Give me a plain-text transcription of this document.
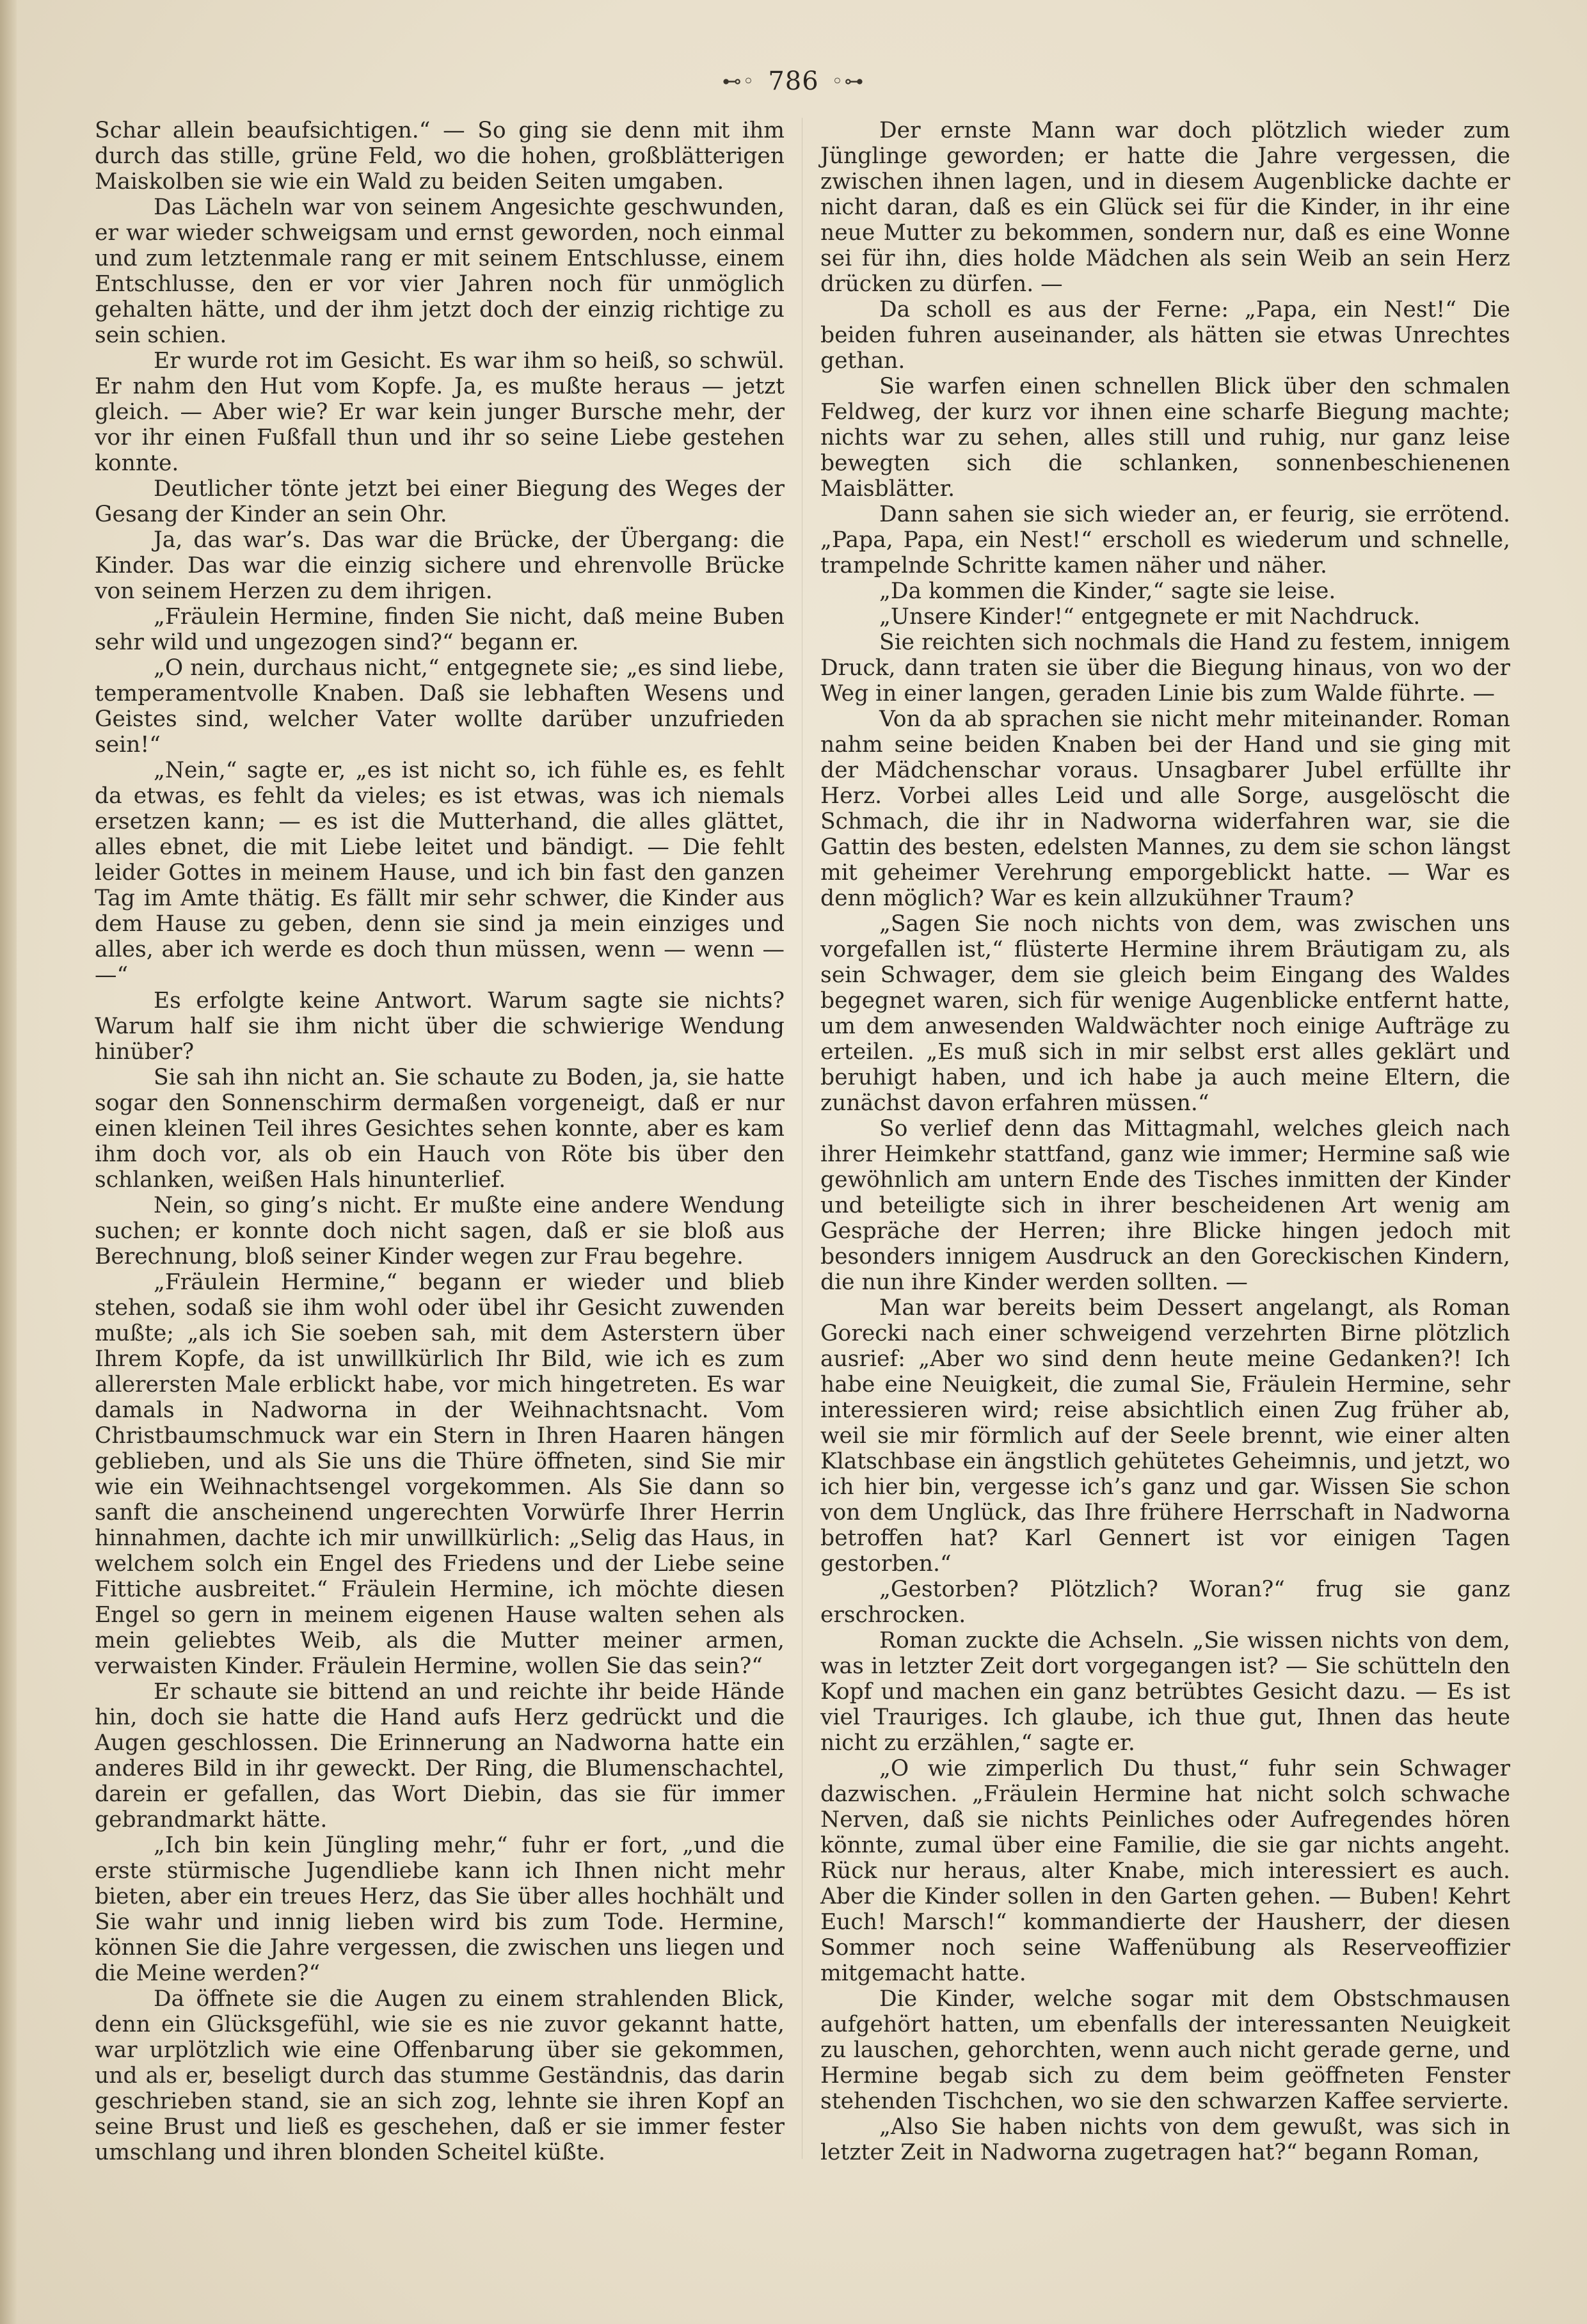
⊷◦ 786 ◦⊶

Schar allein beaufsichtigen.“ — So ging sie denn mit ihm durch das stille, grüne Feld, wo die hohen, großblätterigen Maiskolben sie wie ein Wald zu beiden Seiten umgaben.

Das Lächeln war von seinem Angesichte geschwunden, er war wieder schweigsam und ernst geworden, noch einmal und zum letztenmale rang er mit seinem Entschlusse, einem Entschlusse, den er vor vier Jahren noch für unmöglich gehalten hätte, und der ihm jetzt doch der einzig richtige zu sein schien.

Er wurde rot im Gesicht. Es war ihm so heiß, so schwül. Er nahm den Hut vom Kopfe. Ja, es mußte heraus — jetzt gleich. — Aber wie? Er war kein junger Bursche mehr, der vor ihr einen Fußfall thun und ihr so seine Liebe gestehen konnte.

Deutlicher tönte jetzt bei einer Biegung des Weges der Gesang der Kinder an sein Ohr.

Ja, das war’s. Das war die Brücke, der Übergang: die Kinder. Das war die einzig sichere und ehrenvolle Brücke von seinem Herzen zu dem ihrigen.

„Fräulein Hermine, finden Sie nicht, daß meine Buben sehr wild und ungezogen sind?“ begann er.

„O nein, durchaus nicht,“ entgegnete sie; „es sind liebe, temperamentvolle Knaben. Daß sie lebhaften Wesens und Geistes sind, welcher Vater wollte darüber unzufrieden sein!“

„Nein,“ sagte er, „es ist nicht so, ich fühle es, es fehlt da etwas, es fehlt da vieles; es ist etwas, was ich niemals ersetzen kann; — es ist die Mutterhand, die alles glättet, alles ebnet, die mit Liebe leitet und bändigt. — Die fehlt leider Gottes in meinem Hause, und ich bin fast den ganzen Tag im Amte thätig. Es fällt mir sehr schwer, die Kinder aus dem Hause zu geben, denn sie sind ja mein einziges und alles, aber ich werde es doch thun müssen, wenn — wenn — —“

Es erfolgte keine Antwort. Warum sagte sie nichts? Warum half sie ihm nicht über die schwierige Wendung hinüber?

Sie sah ihn nicht an. Sie schaute zu Boden, ja, sie hatte sogar den Sonnenschirm dermaßen vorgeneigt, daß er nur einen kleinen Teil ihres Gesichtes sehen konnte, aber es kam ihm doch vor, als ob ein Hauch von Röte bis über den schlanken, weißen Hals hinunterlief.

Nein, so ging’s nicht. Er mußte eine andere Wendung suchen; er konnte doch nicht sagen, daß er sie bloß aus Berechnung, bloß seiner Kinder wegen zur Frau begehre.

„Fräulein Hermine,“ begann er wieder und blieb stehen, sodaß sie ihm wohl oder übel ihr Gesicht zuwenden mußte; „als ich Sie soeben sah, mit dem Asterstern über Ihrem Kopfe, da ist unwillkürlich Ihr Bild, wie ich es zum allerersten Male erblickt habe, vor mich hingetreten. Es war damals in Nadworna in der Weihnachtsnacht. Vom Christbaumschmuck war ein Stern in Ihren Haaren hängen geblieben, und als Sie uns die Thüre öffneten, sind Sie mir wie ein Weihnachtsengel vorgekommen. Als Sie dann so sanft die anscheinend ungerechten Vorwürfe Ihrer Herrin hinnahmen, dachte ich mir unwillkürlich: „Selig das Haus, in welchem solch ein Engel des Friedens und der Liebe seine Fittiche ausbreitet.“ Fräulein Hermine, ich möchte diesen Engel so gern in meinem eigenen Hause walten sehen als mein geliebtes Weib, als die Mutter meiner armen, verwaisten Kinder. Fräulein Hermine, wollen Sie das sein?“

Er schaute sie bittend an und reichte ihr beide Hände hin, doch sie hatte die Hand aufs Herz gedrückt und die Augen geschlossen. Die Erinnerung an Nadworna hatte ein anderes Bild in ihr geweckt. Der Ring, die Blumenschachtel, darein er gefallen, das Wort Diebin, das sie für immer gebrandmarkt hätte.

„Ich bin kein Jüngling mehr,“ fuhr er fort, „und die erste stürmische Jugendliebe kann ich Ihnen nicht mehr bieten, aber ein treues Herz, das Sie über alles hochhält und Sie wahr und innig lieben wird bis zum Tode. Hermine, können Sie die Jahre vergessen, die zwischen uns liegen und die Meine werden?“

Da öffnete sie die Augen zu einem strahlenden Blick, denn ein Glücksgefühl, wie sie es nie zuvor gekannt hatte, war urplötzlich wie eine Offenbarung über sie gekommen, und als er, beseligt durch das stumme Geständnis, das darin geschrieben stand, sie an sich zog, lehnte sie ihren Kopf an seine Brust und ließ es geschehen, daß er sie immer fester umschlang und ihren blonden Scheitel küßte.

Der ernste Mann war doch plötzlich wieder zum Jünglinge geworden; er hatte die Jahre vergessen, die zwischen ihnen lagen, und in diesem Augenblicke dachte er nicht daran, daß es ein Glück sei für die Kinder, in ihr eine neue Mutter zu bekommen, sondern nur, daß es eine Wonne sei für ihn, dies holde Mädchen als sein Weib an sein Herz drücken zu dürfen. —

Da scholl es aus der Ferne: „Papa, ein Nest!“ Die beiden fuhren auseinander, als hätten sie etwas Unrechtes gethan.

Sie warfen einen schnellen Blick über den schmalen Feldweg, der kurz vor ihnen eine scharfe Biegung machte; nichts war zu sehen, alles still und ruhig, nur ganz leise bewegten sich die schlanken, sonnenbeschienenen Maisblätter.

Dann sahen sie sich wieder an, er feurig, sie errötend. „Papa, Papa, ein Nest!“ erscholl es wiederum und schnelle, trampelnde Schritte kamen näher und näher.

„Da kommen die Kinder,“ sagte sie leise.

„Unsere Kinder!“ entgegnete er mit Nachdruck.

Sie reichten sich nochmals die Hand zu festem, innigem Druck, dann traten sie über die Biegung hinaus, von wo der Weg in einer langen, geraden Linie bis zum Walde führte. —

Von da ab sprachen sie nicht mehr miteinander. Roman nahm seine beiden Knaben bei der Hand und sie ging mit der Mädchenschar voraus. Unsagbarer Jubel erfüllte ihr Herz. Vorbei alles Leid und alle Sorge, ausgelöscht die Schmach, die ihr in Nadworna widerfahren war, sie die Gattin des besten, edelsten Mannes, zu dem sie schon längst mit geheimer Verehrung emporgeblickt hatte. — War es denn möglich? War es kein allzukühner Traum?

„Sagen Sie noch nichts von dem, was zwischen uns vorgefallen ist,“ flüsterte Hermine ihrem Bräutigam zu, als sein Schwager, dem sie gleich beim Eingang des Waldes begegnet waren, sich für wenige Augenblicke entfernt hatte, um dem anwesenden Waldwächter noch einige Aufträge zu erteilen. „Es muß sich in mir selbst erst alles geklärt und beruhigt haben, und ich habe ja auch meine Eltern, die zunächst davon erfahren müssen.“

So verlief denn das Mittagmahl, welches gleich nach ihrer Heimkehr stattfand, ganz wie immer; Hermine saß wie gewöhnlich am untern Ende des Tisches inmitten der Kinder und beteiligte sich in ihrer bescheidenen Art wenig am Gespräche der Herren; ihre Blicke hingen jedoch mit besonders innigem Ausdruck an den Goreckischen Kindern, die nun ihre Kinder werden sollten. —

Man war bereits beim Dessert angelangt, als Roman Gorecki nach einer schweigend verzehrten Birne plötzlich ausrief: „Aber wo sind denn heute meine Gedanken?! Ich habe eine Neuigkeit, die zumal Sie, Fräulein Hermine, sehr interessieren wird; reise absichtlich einen Zug früher ab, weil sie mir förmlich auf der Seele brennt, wie einer alten Klatschbase ein ängstlich gehütetes Geheimnis, und jetzt, wo ich hier bin, vergesse ich’s ganz und gar. Wissen Sie schon von dem Unglück, das Ihre frühere Herrschaft in Nadworna betroffen hat? Karl Gennert ist vor einigen Tagen gestorben.“

„Gestorben? Plötzlich? Woran?“ frug sie ganz erschrocken.

Roman zuckte die Achseln. „Sie wissen nichts von dem, was in letzter Zeit dort vorgegangen ist? — Sie schütteln den Kopf und machen ein ganz betrübtes Gesicht dazu. — Es ist viel Trauriges. Ich glaube, ich thue gut, Ihnen das heute nicht zu erzählen,“ sagte er.

„O wie zimperlich Du thust,“ fuhr sein Schwager dazwischen. „Fräulein Hermine hat nicht solch schwache Nerven, daß sie nichts Peinliches oder Aufregendes hören könnte, zumal über eine Familie, die sie gar nichts angeht. Rück nur heraus, alter Knabe, mich interessiert es auch. Aber die Kinder sollen in den Garten gehen. — Buben! Kehrt Euch! Marsch!“ kommandierte der Hausherr, der diesen Sommer noch seine Waffenübung als Reserveoffizier mitgemacht hatte.

Die Kinder, welche sogar mit dem Obstschmausen aufgehört hatten, um ebenfalls der interessanten Neuigkeit zu lauschen, gehorchten, wenn auch nicht gerade gerne, und Hermine begab sich zu dem beim geöffneten Fenster stehenden Tischchen, wo sie den schwarzen Kaffee servierte.

„Also Sie haben nichts von dem gewußt, was sich in letzter Zeit in Nadworna zugetragen hat?“ begann Roman,
